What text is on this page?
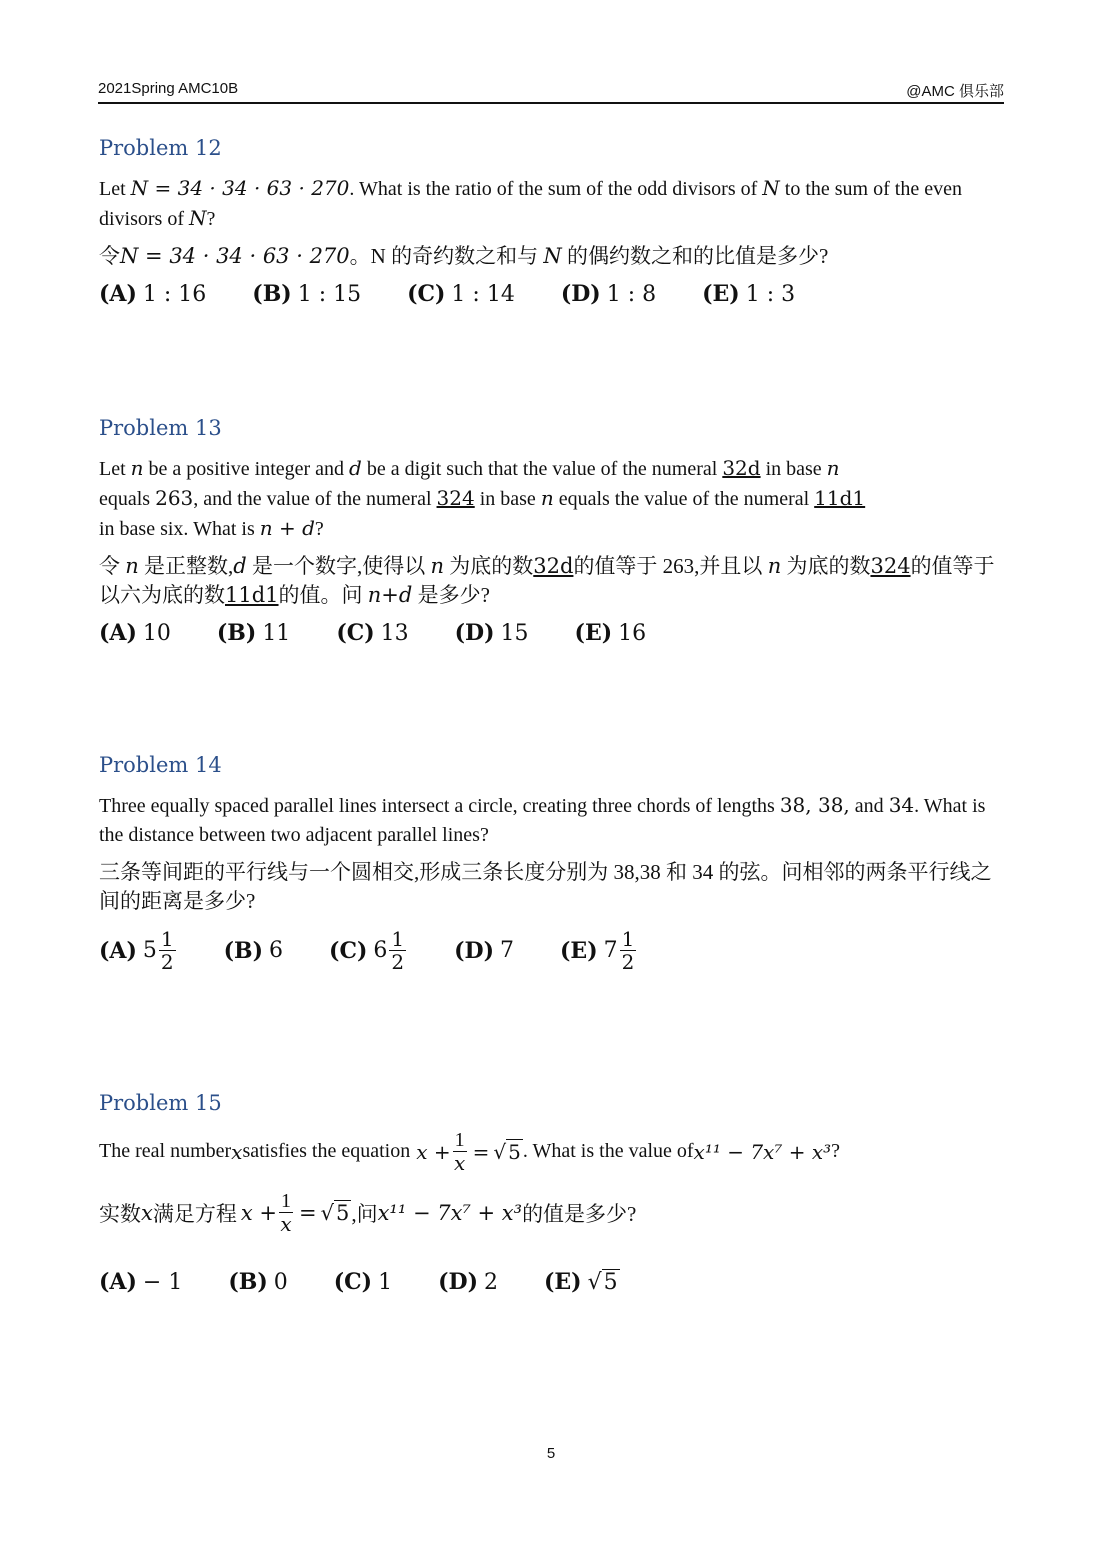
2021Spring AMC10B	@AMC 俱乐部
Problem 12

Let N = 34 · 34 · 63 · 270. What is the ratio of the sum of the odd divisors of N to the sum of the even divisors of N?

令N = 34 · 34 · 63 · 270。N 的奇约数之和与 N 的偶约数之和的比值是多少?

(A) 1 : 16 (B) 1 : 15 (C) 1 : 14 (D) 1 : 8 (E) 1 : 3
Problem 13

Let n be a positive integer and d be a digit such that the value of the numeral 32d in base n equals 263, and the value of the numeral 324 in base n equals the value of the numeral 11d1 in base six. What is n + d?

令 n 是正整数,d 是一个数字,使得以 n 为底的数32d的值等于 263,并且以 n 为底的数324的值等于以六为底的数11d1的值。问 n+d 是多少?

(A) 10 (B) 11 (C) 13 (D) 15 (E) 16
Problem 14

Three equally spaced parallel lines intersect a circle, creating three chords of lengths 38, 38, and 34. What is the distance between two adjacent parallel lines?

三条等间距的平行线与一个圆相交,形成三条长度分别为 38,38 和 34 的弦。问相邻的两条平行线之间的距离是多少?

(A) $5 \frac{1}{2} (B)$ 6 (C) $6 \frac{1}{2} (D)$ 7 (E) $7 \frac{1}{2}$
Problem 15
The real number x satisfies the equation $x + \frac{1}{x}$ = √ 5 . What is the value of x¹¹ − 7x⁷ + x³ ?
实数 x 满足方程 $x + \frac{1}{x} = √5$ ,问 x¹¹ − 7x⁷ + x³ 的值是多少?
(A) − 1 (B) 0 (C) 1 (D) 2 (E) √5
5
